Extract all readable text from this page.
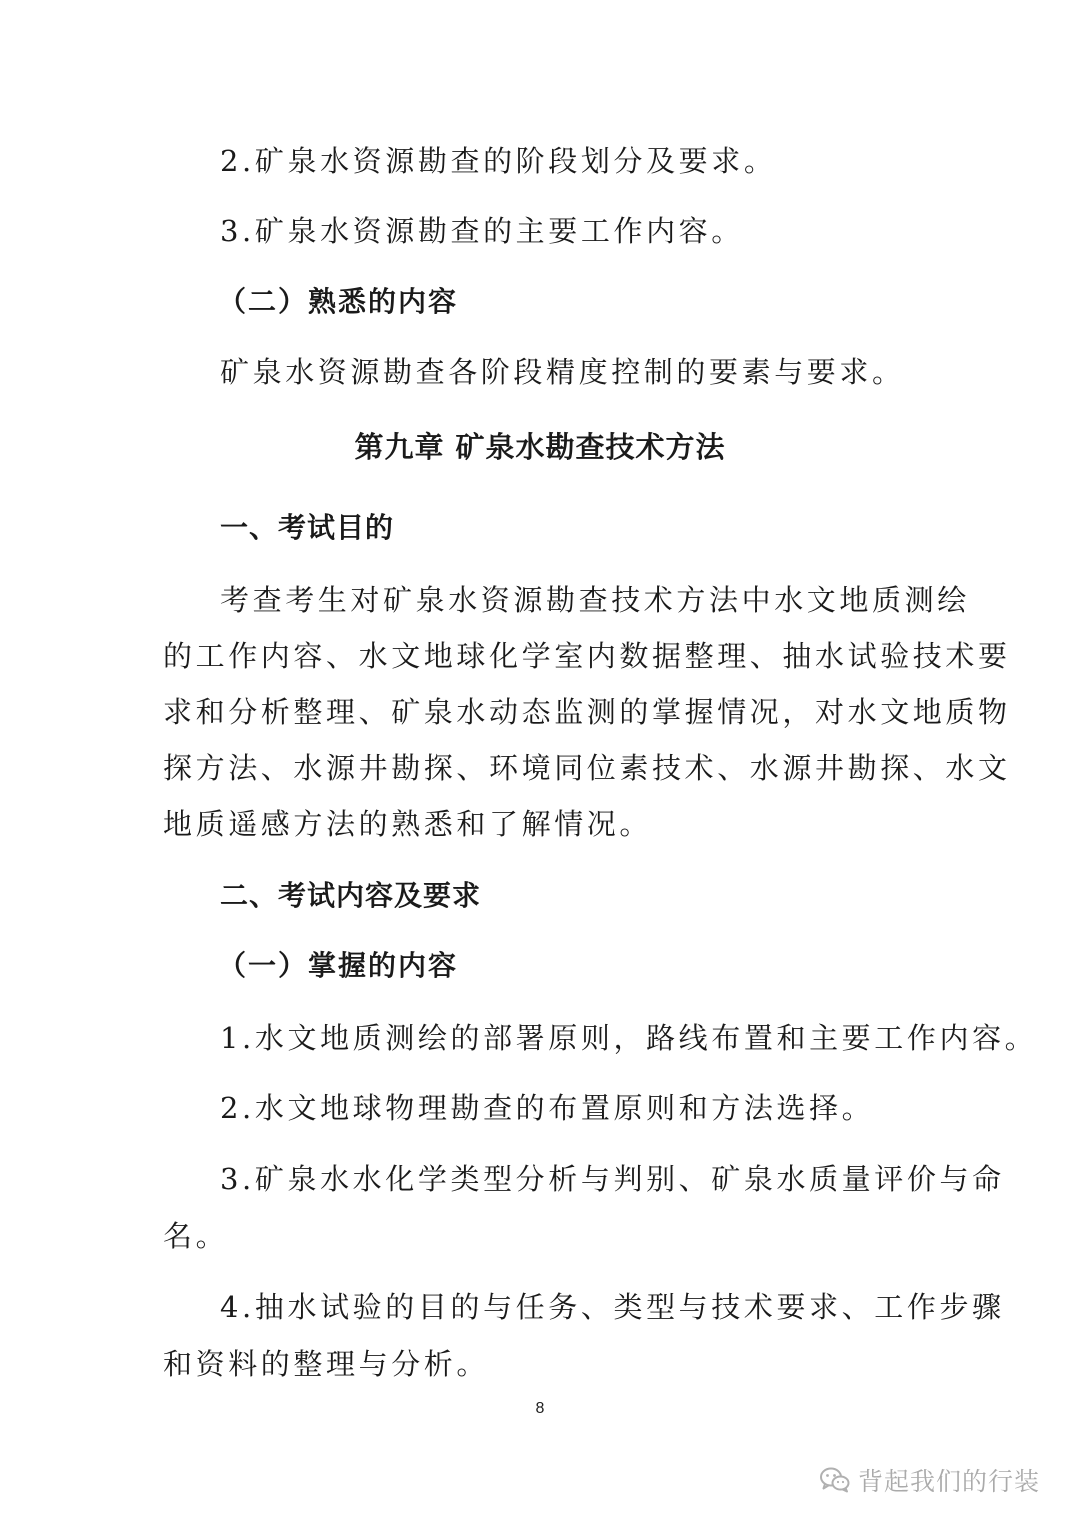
2.矿泉水资源勘查的阶段划分及要求。

3.矿泉水资源勘查的主要工作内容。

（二）熟悉的内容

矿泉水资源勘查各阶段精度控制的要素与要求。

第九章 矿泉水勘查技术方法

一、考试目的

考查考生对矿泉水资源勘查技术方法中水文地质测绘

的工作内容、水文地球化学室内数据整理、抽水试验技术要

求和分析整理、矿泉水动态监测的掌握情况，对水文地质物

探方法、水源井勘探、环境同位素技术、水源井勘探、水文

地质遥感方法的熟悉和了解情况。

二、考试内容及要求

（一）掌握的内容

1.水文地质测绘的部署原则，路线布置和主要工作内容。

2.水文地球物理勘查的布置原则和方法选择。

3.矿泉水水化学类型分析与判别、矿泉水质量评价与命

名。

4.抽水试验的目的与任务、类型与技术要求、工作步骤

和资料的整理与分析。

8
背起我们的行装
